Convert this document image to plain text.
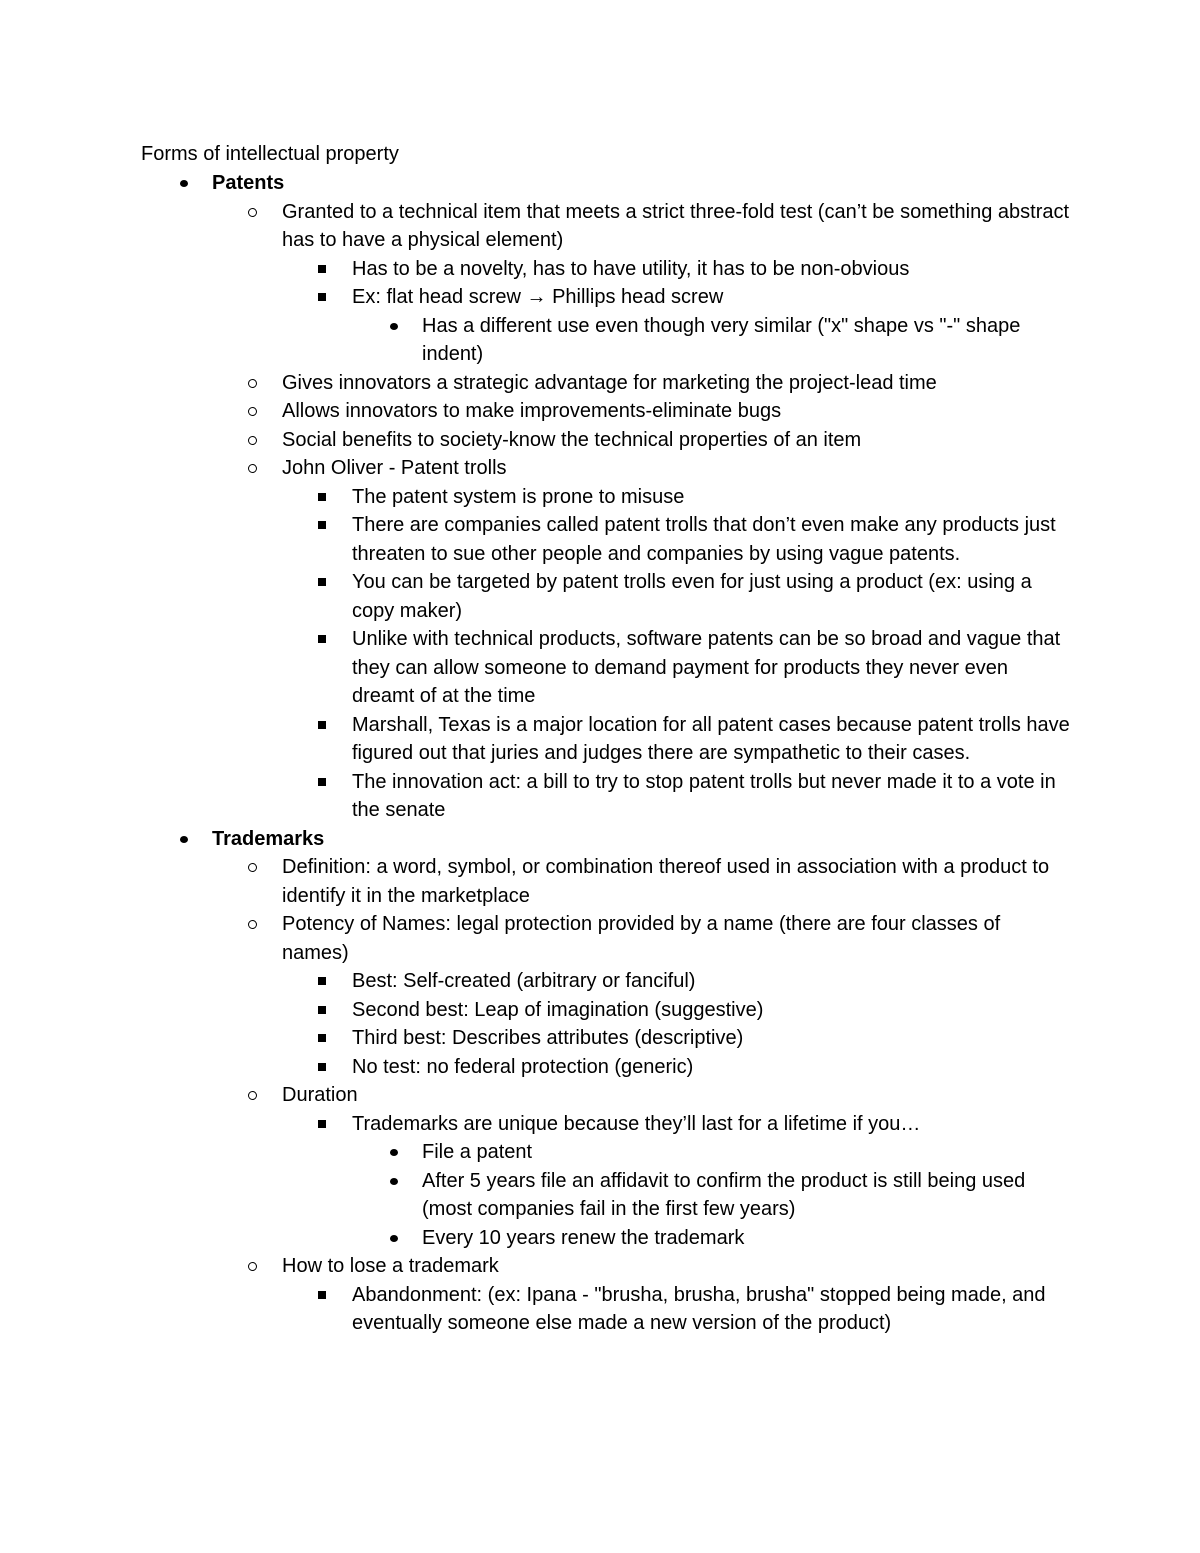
Forms of intellectual property

Patents
Granted to a technical item that meets a strict three-fold test (can’t be something abstract has to have a physical element)
Has to be a novelty, has to have utility, it has to be non-obvious
Ex: flat head screw → Phillips head screw
Has a different use even though very similar ("x" shape vs "-" shape indent)
Gives innovators a strategic advantage for marketing the project-lead time
Allows innovators to make improvements-eliminate bugs
Social benefits to society-know the technical properties of an item
John Oliver - Patent trolls
The patent system is prone to misuse
There are companies called patent trolls that don’t even make any products just threaten to sue other people and companies by using vague patents.
You can be targeted by patent trolls even for just using a product (ex: using a copy maker)
Unlike with technical products, software patents can be so broad and vague that they can allow someone to demand payment for products they never even dreamt of at the time
Marshall, Texas is a major location for all patent cases because patent trolls have figured out that juries and judges there are sympathetic to their cases.
The innovation act: a bill to try to stop patent trolls but never made it to a vote in the senate
Trademarks
Definition: a word, symbol, or combination thereof used in association with a product to identify it in the marketplace
Potency of Names: legal protection provided by a name (there are four classes of names)
Best: Self-created (arbitrary or fanciful)
Second best: Leap of imagination (suggestive)
Third best: Describes attributes (descriptive)
No test: no federal protection (generic)
Duration
Trademarks are unique because they’ll last for a lifetime if you…
File a patent
After 5 years file an affidavit to confirm the product is still being used (most companies fail in the first few years)
Every 10 years renew the trademark
How to lose a trademark
Abandonment: (ex: Ipana - "brusha, brusha, brusha" stopped being made, and eventually someone else made a new version of the product)
